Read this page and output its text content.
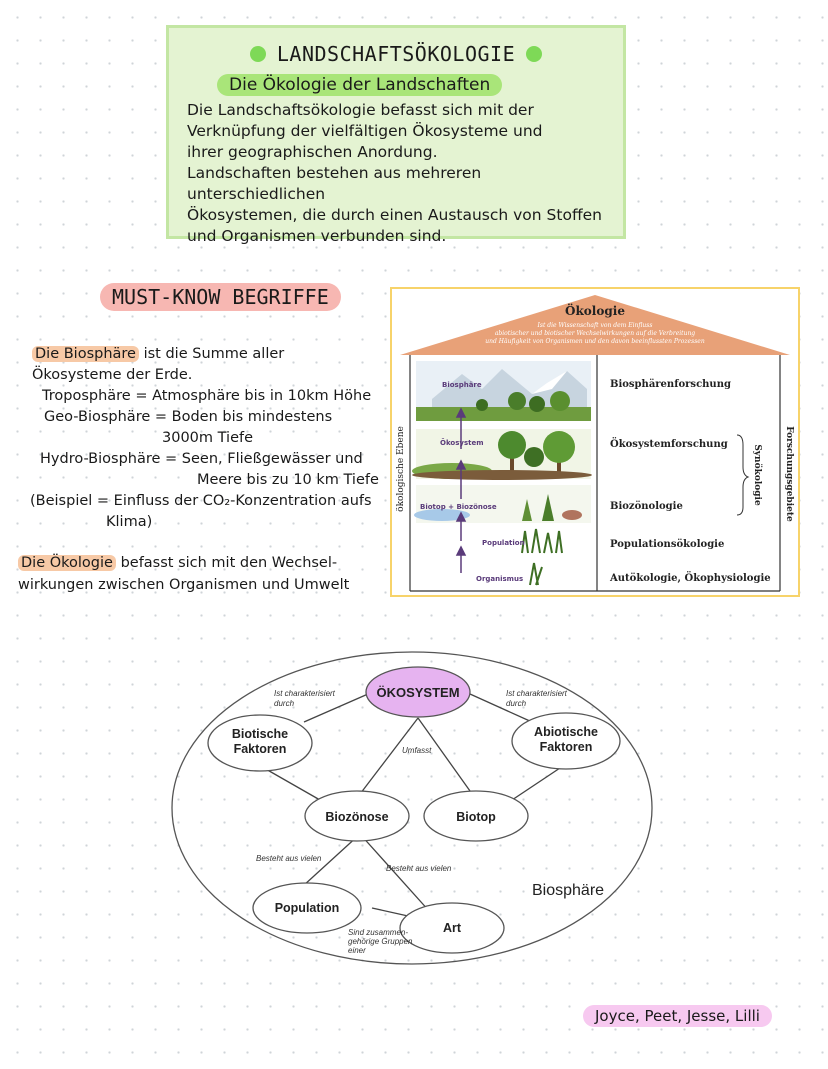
LANDSCHAFTSÖKOLOGIE
Die Ökologie der Landschaften

Die Landschaftsökologie befasst sich mit der
Verknüpfung der vielfältigen Ökosysteme und
ihrer geographischen Anordung.
Landschaften bestehen aus mehreren unterschiedlichen
Ökosystemen, die durch einen Austausch von Stoffen
und Organismen verbunden sind.

MUST-KNOW BEGRIFFE
Die Biosphäre ist die Summe aller
Ökosysteme der Erde.
Troposphäre = Atmosphäre bis in 10km Höhe
Geo-Biosphäre = Boden bis mindestens
3000m Tiefe
Hydro-Biosphäre = Seen, Fließgewässer und
Meere bis zu 10 km Tiefe
(Beispiel = Einfluss der CO₂-Konzentration aufs
Klima)
Die Ökologie befasst sich mit den Wechsel-
wirkungen zwischen Organismen und Umwelt
Ökologie
Ist die Wissenschaft von dem Einfluss
abiotischer und biotischer Wechselwirkungen auf die Verbreitung
und Häufigkeit von Organismen und den davon beeinflussten Prozessen
ökologische Ebene	Forschungsgebiete
Biosphäre
Ökosystem
Biotop + Biozönose
Population
Organismus
Biosphärenforschung
Ökosystemforschung
Biozönologie
Populationsökologie
Autökologie, Ökophysiologie
Synökologie
ÖKOSYSTEM
Biotische
Faktoren
Abiotische
Faktoren
Biozönose	Biotop
Population
Art
Ist charakterisiert
durch
Ist charakterisiert
durch
Umfasst
Besteht aus vielen
Besteht aus vielen
Sind zusammen-
gehörige Gruppen
einer
Biosphäre
Joyce, Peet, Jesse, Lilli
